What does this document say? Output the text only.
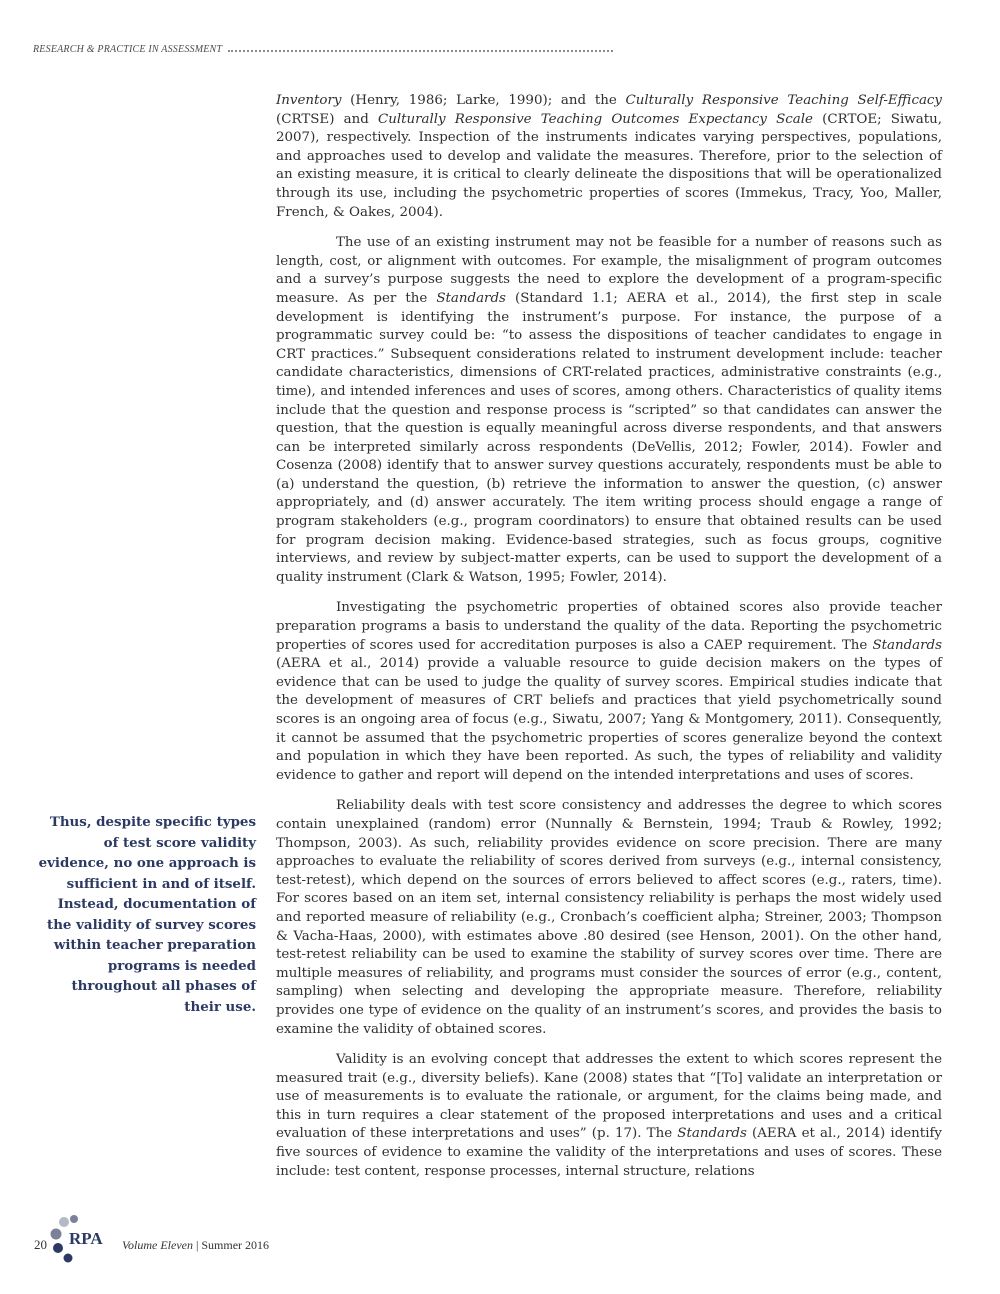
RESEARCH & PRACTICE IN ASSESSMENT

Inventory (Henry, 1986; Larke, 1990); and the Culturally Responsive Teaching Self-Efficacy (CRTSE) and Culturally Responsive Teaching Outcomes Expectancy Scale (CRTOE; Siwatu, 2007), respectively. Inspection of the instruments indicates varying perspectives, populations, and approaches used to develop and validate the measures. Therefore, prior to the selection of an existing measure, it is critical to clearly delineate the dispositions that will be operationalized through its use, including the psychometric properties of scores (Immekus, Tracy, Yoo, Maller, French, & Oakes, 2004).

The use of an existing instrument may not be feasible for a number of reasons such as length, cost, or alignment with outcomes. For example, the misalignment of program outcomes and a survey’s purpose suggests the need to explore the development of a program-specific measure. As per the Standards (Standard 1.1; AERA et al., 2014), the first step in scale development is identifying the instrument’s purpose. For instance, the purpose of a programmatic survey could be: “to assess the dispositions of teacher candidates to engage in CRT practices.” Subsequent considerations related to instrument development include: teacher candidate characteristics, dimensions of CRT-related practices, administrative constraints (e.g., time), and intended inferences and uses of scores, among others. Characteristics of quality items include that the question and response process is “scripted” so that candidates can answer the question, that the question is equally meaningful across diverse respondents, and that answers can be interpreted similarly across respondents (DeVellis, 2012; Fowler, 2014). Fowler and Cosenza (2008) identify that to answer survey questions accurately, respondents must be able to (a) understand the question, (b) retrieve the information to answer the question, (c) answer appropriately, and (d) answer accurately. The item writing process should engage a range of program stakeholders (e.g., program coordinators) to ensure that obtained results can be used for program decision making. Evidence-based strategies, such as focus groups, cognitive interviews, and review by subject-matter experts, can be used to support the development of a quality instrument (Clark & Watson, 1995; Fowler, 2014).

Investigating the psychometric properties of obtained scores also provide teacher preparation programs a basis to understand the quality of the data. Reporting the psychometric properties of scores used for accreditation purposes is also a CAEP requirement. The Standards (AERA et al., 2014) provide a valuable resource to guide decision makers on the types of evidence that can be used to judge the quality of survey scores. Empirical studies indicate that the development of measures of CRT beliefs and practices that yield psychometrically sound scores is an ongoing area of focus (e.g., Siwatu, 2007; Yang & Montgomery, 2011). Consequently, it cannot be assumed that the psychometric properties of scores generalize beyond the context and population in which they have been reported. As such, the types of reliability and validity evidence to gather and report will depend on the intended interpretations and uses of scores.

Reliability deals with test score consistency and addresses the degree to which scores contain unexplained (random) error (Nunnally & Bernstein, 1994; Traub & Rowley, 1992; Thompson, 2003). As such, reliability provides evidence on score precision. There are many approaches to evaluate the reliability of scores derived from surveys (e.g., internal consistency, test-retest), which depend on the sources of errors believed to affect scores (e.g., raters, time). For scores based on an item set, internal consistency reliability is perhaps the most widely used and reported measure of reliability (e.g., Cronbach’s coefficient alpha; Streiner, 2003; Thompson & Vacha-Haas, 2000), with estimates above .80 desired (see Henson, 2001). On the other hand, test-retest reliability can be used to examine the stability of survey scores over time. There are multiple measures of reliability, and programs must consider the sources of error (e.g., content, sampling) when selecting and developing the appropriate measure. Therefore, reliability provides one type of evidence on the quality of an instrument’s scores, and provides the basis to examine the validity of obtained scores.

Validity is an evolving concept that addresses the extent to which scores represent the measured trait (e.g., diversity beliefs). Kane (2008) states that “[To] validate an interpretation or use of measurements is to evaluate the rationale, or argument, for the claims being made, and this in turn requires a clear statement of the proposed interpretations and uses and a critical evaluation of these interpretations and uses” (p. 17). The Standards (AERA et al., 2014) identify five sources of evidence to examine the validity of the interpretations and uses of scores. These include: test content, response processes, internal structure, relations

Thus, despite specific types of test score validity evidence, no one approach is sufficient in and of itself. Instead, documentation of the validity of survey scores within teacher preparation programs is needed throughout all phases of their use.
20 RPA Volume Eleven | Summer 2016
